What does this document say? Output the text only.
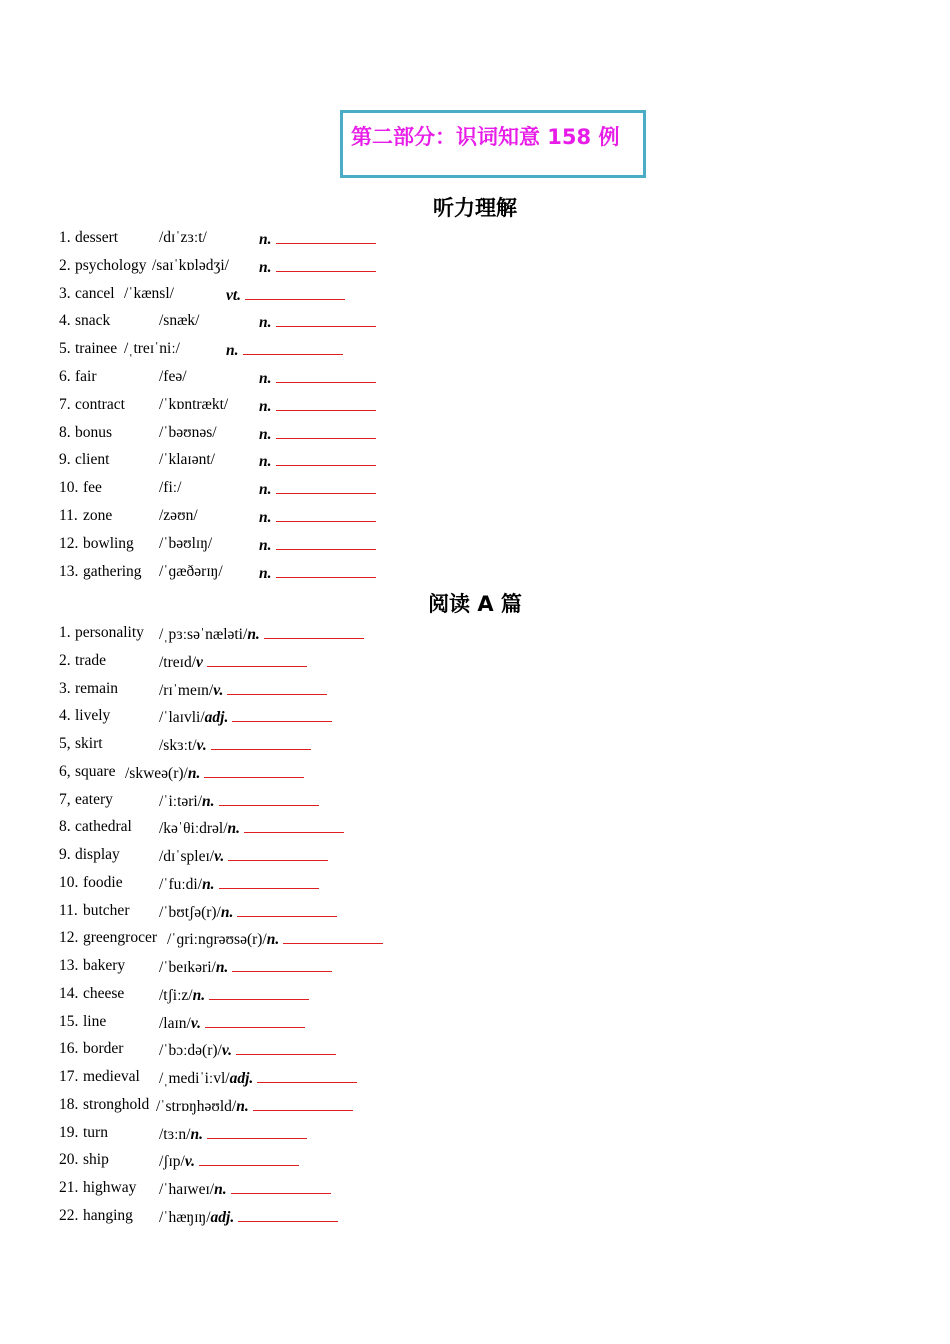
第二部分：识词知意 158 例
听力理解
1. dessert	/dɪˈzɜːt/	n.
2. psychology /saɪˈkɒlədʒi/ n.
3. cancel /ˈkænsl/	vt.
4. snack	/snæk/	n.
5. trainee /ˌtreɪˈniː/	n.
6. fair	/feə/	n.
7. contract /ˈkɒntrækt/ n.
8. bonus	/ˈbəʊnəs/	n.
9. client	/ˈklaɪənt/	n.
10. fee	/fiː/	n.
11. zone	/zəʊn/	n.
12. bowling /ˈbəʊlɪŋ/	n.
13. gathering /ˈɡæðərɪŋ/ n.
阅读 A 篇
1. personality /ˌpɜːsəˈnæləti/n.
2. trade	/treɪd/v
3. remain	/rɪˈmeɪn/v.
4. lively	/ˈlaɪvli/adj.
5, skirt	/skɜːt/v.
6, square /skweə(r)/n.
7, eatery	/ˈiːtəri/n.
8. cathedral /kəˈθiːdrəl/n.
9. display	/dɪˈspleɪ/v.
10. foodie /ˈfuːdi/n.
11. butcher /ˈbʊtʃə(r)/n.
12. greengrocer /ˈɡriːnɡrəʊsə(r)/n.
13. bakery /ˈbeɪkəri/n.
14. cheese /tʃiːz/n.
15. line	/laɪn/v.
16. border /ˈbɔːdə(r)/v.
17. medieval /ˌmediˈiːvl/adj.
18. stronghold /ˈstrɒŋhəʊld/n.
19. turn	/tɜːn/n.
20. ship	/ʃɪp/v.
21. highway /ˈhaɪweɪ/n.
22. hanging /ˈhæŋɪŋ/adj.
